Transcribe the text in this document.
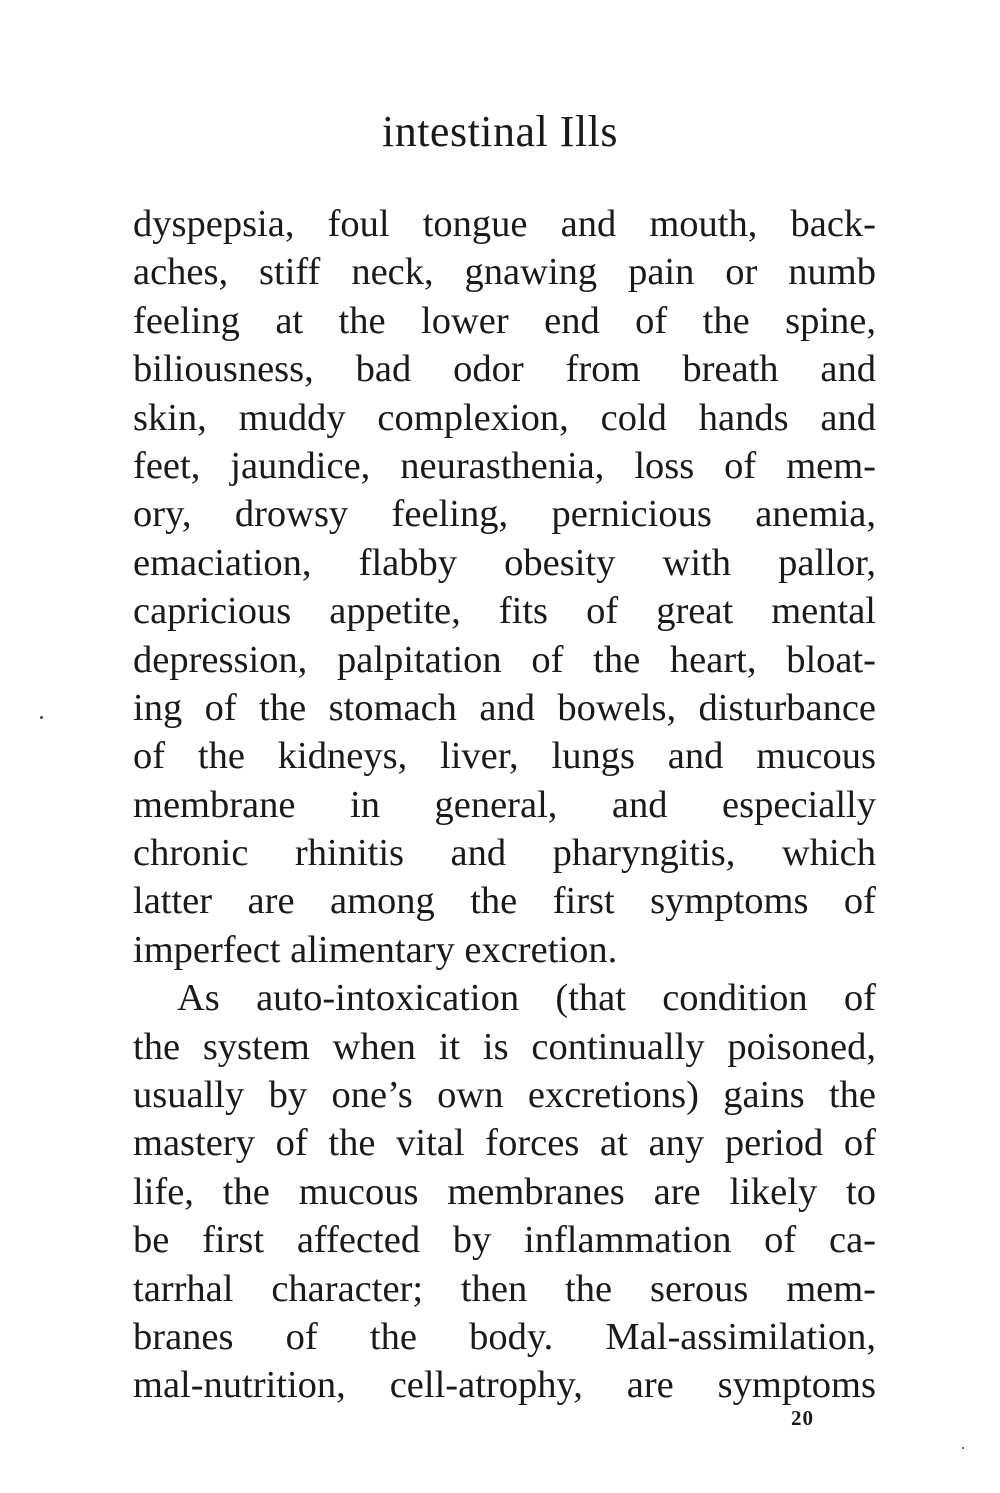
intestinal Ills
dyspepsia, foul tongue and mouth, back-
aches, stiff neck, gnawing pain or numb
feeling at the lower end of the spine,
biliousness, bad odor from breath and
skin, muddy complexion, cold hands and
feet, jaundice, neurasthenia, loss of mem-
ory, drowsy feeling, pernicious anemia,
emaciation, flabby obesity with pallor,
capricious appetite, fits of great mental
depression, palpitation of the heart, bloat-
ing of the stomach and bowels, disturbance
of the kidneys, liver, lungs and mucous
membrane in general, and especially
chronic rhinitis and pharyngitis, which
latter are among the first symptoms of
imperfect alimentary excretion.
As auto-intoxication (that condition of
the system when it is continually poisoned,
usually by one’s own excretions) gains the
mastery of the vital forces at any period of
life, the mucous membranes are likely to
be first affected by inflammation of ca-
tarrhal character; then the serous mem-
branes of the body. Mal-assimilation,
mal-nutrition, cell-atrophy, are symptoms
20
